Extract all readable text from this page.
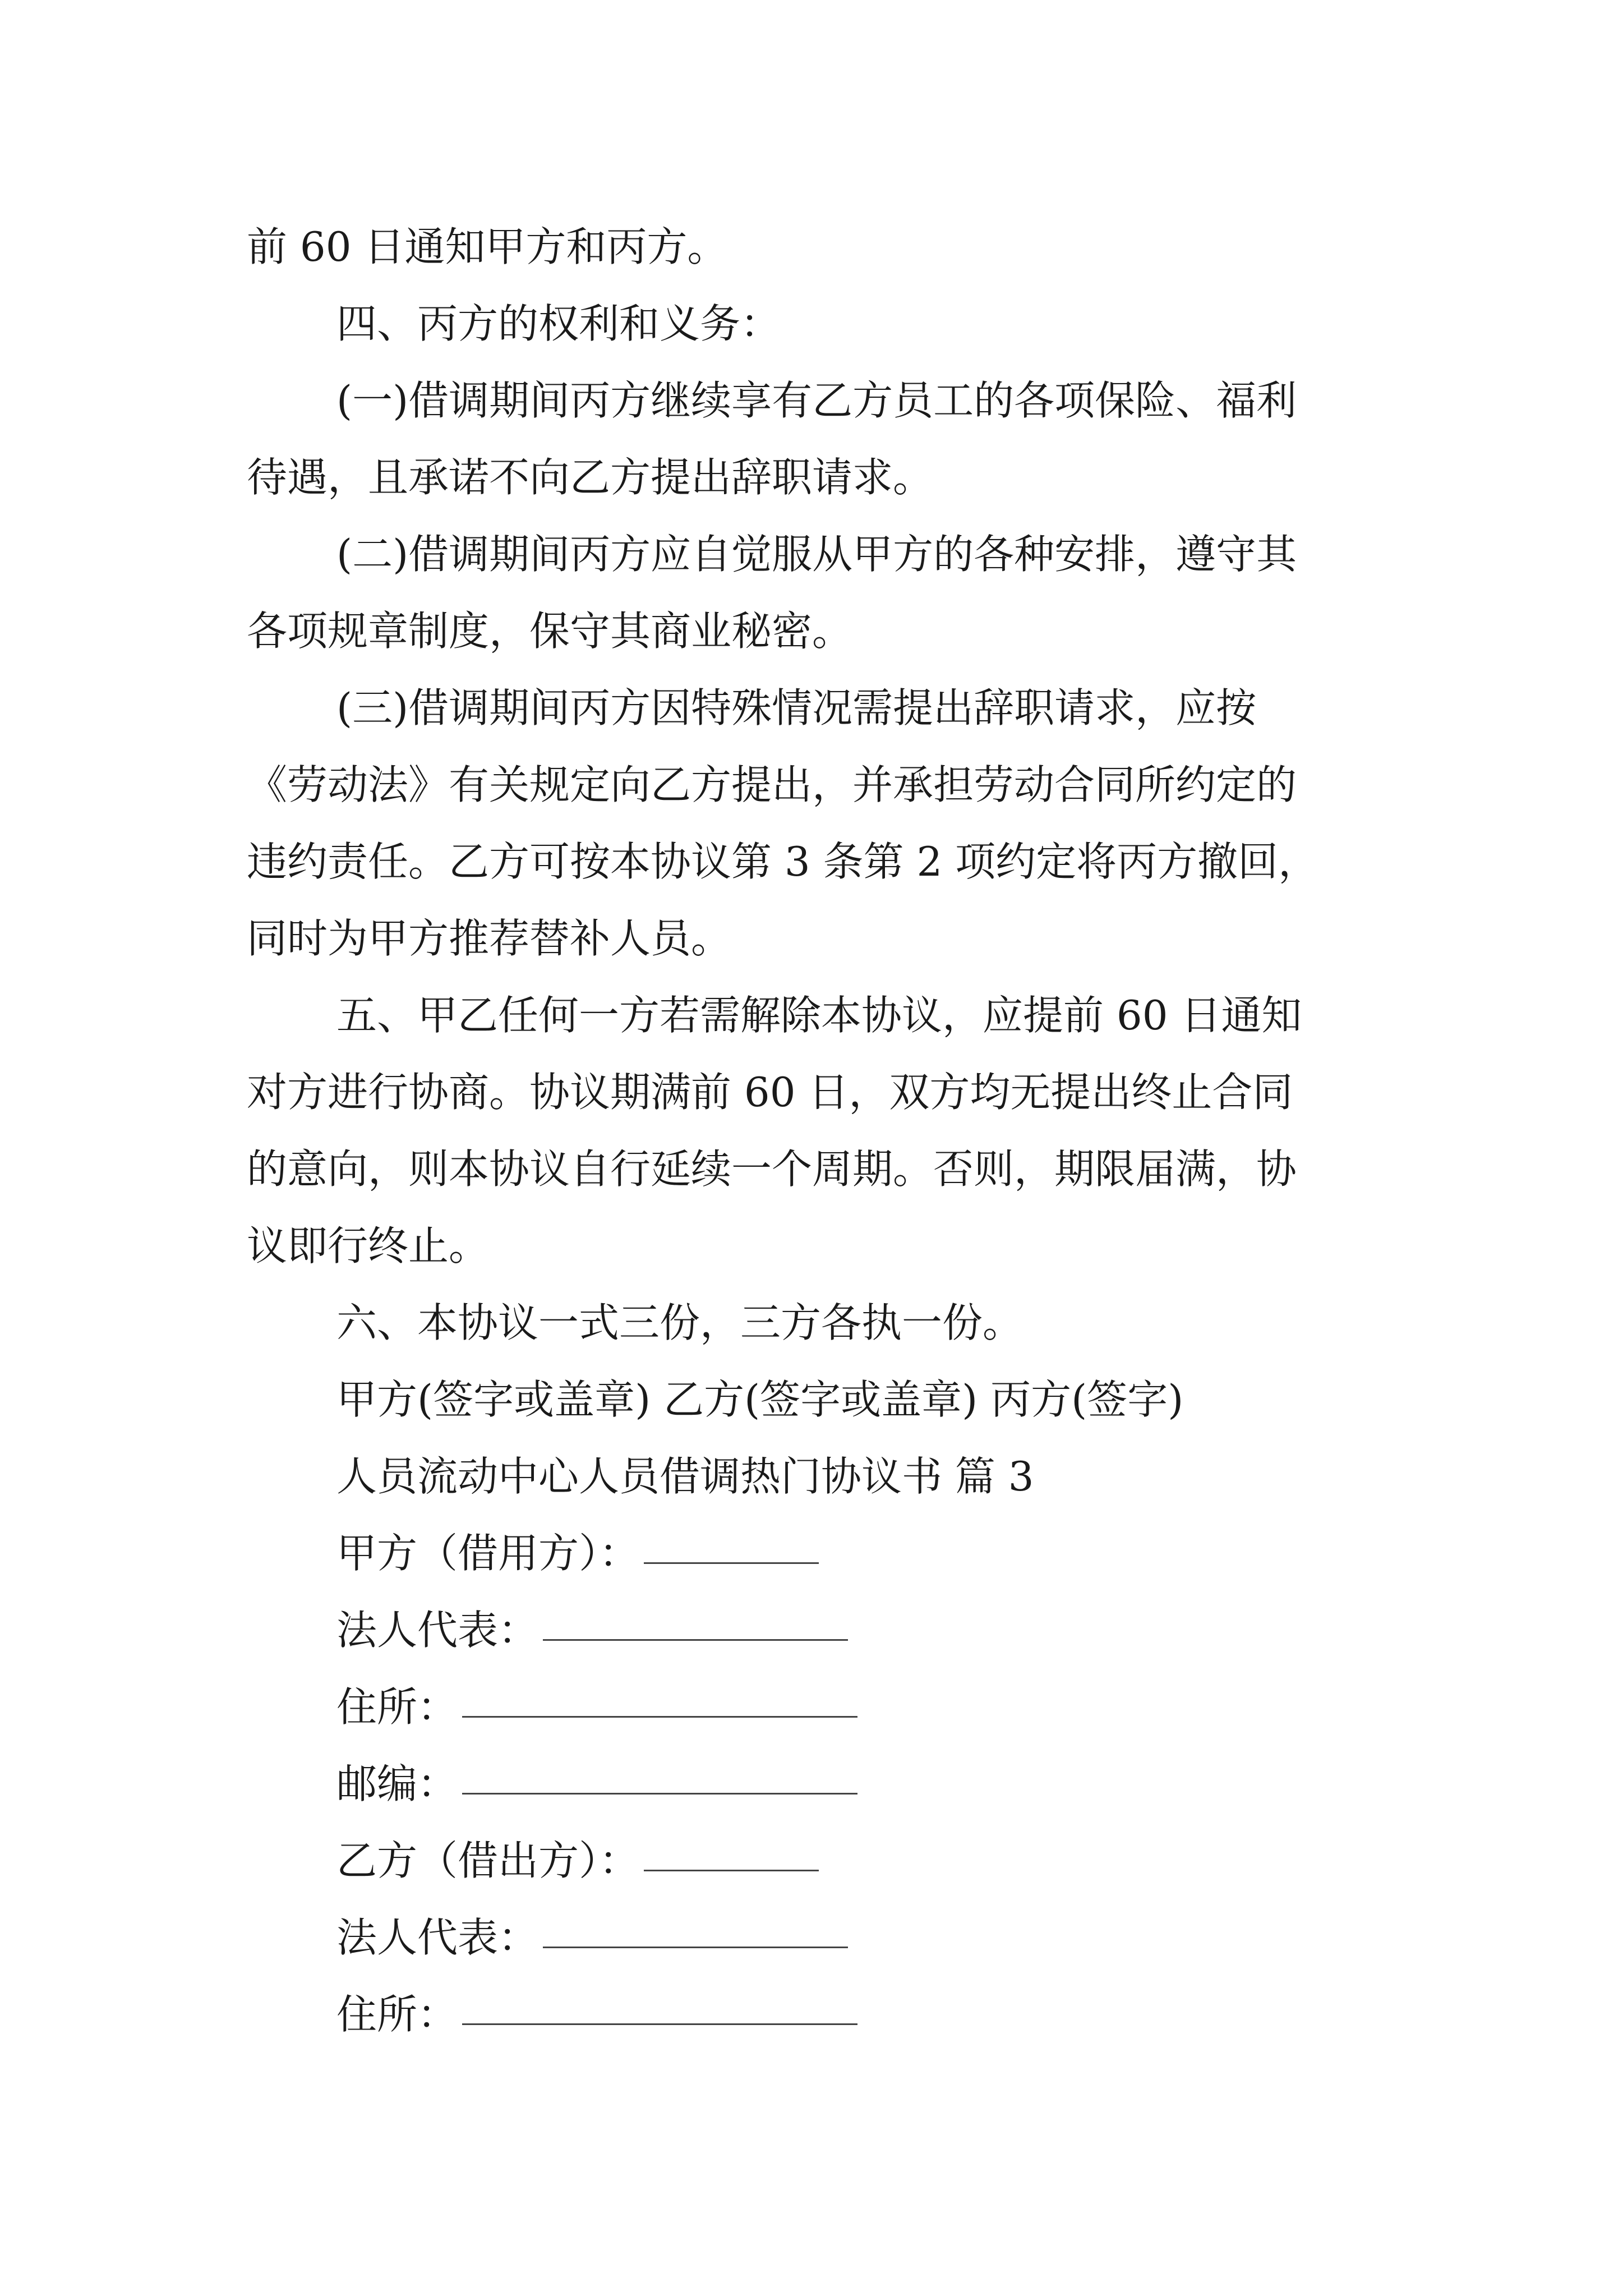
前 60 日通知甲方和丙方。
四、丙方的权利和义务：
(一)借调期间丙方继续享有乙方员工的各项保险、福利
待遇，且承诺不向乙方提出辞职请求。
(二)借调期间丙方应自觉服从甲方的各种安排，遵守其
各项规章制度，保守其商业秘密。
(三)借调期间丙方因特殊情况需提出辞职请求，应按
《劳动法》有关规定向乙方提出，并承担劳动合同所约定的
违约责任。乙方可按本协议第 3 条第 2 项约定将丙方撤回，
同时为甲方推荐替补人员。
五、甲乙任何一方若需解除本协议，应提前 60 日通知
对方进行协商。协议期满前 60 日，双方均无提出终止合同
的意向，则本协议自行延续一个周期。否则，期限届满，协
议即行终止。
六、本协议一式三份，三方各执一份。
甲方(签字或盖章) 乙方(签字或盖章) 丙方(签字)
人员流动中心人员借调热门协议书 篇 3
甲方（借用方）：
法人代表：
住所：
邮编：
乙方（借出方）：
法人代表：
住所：
